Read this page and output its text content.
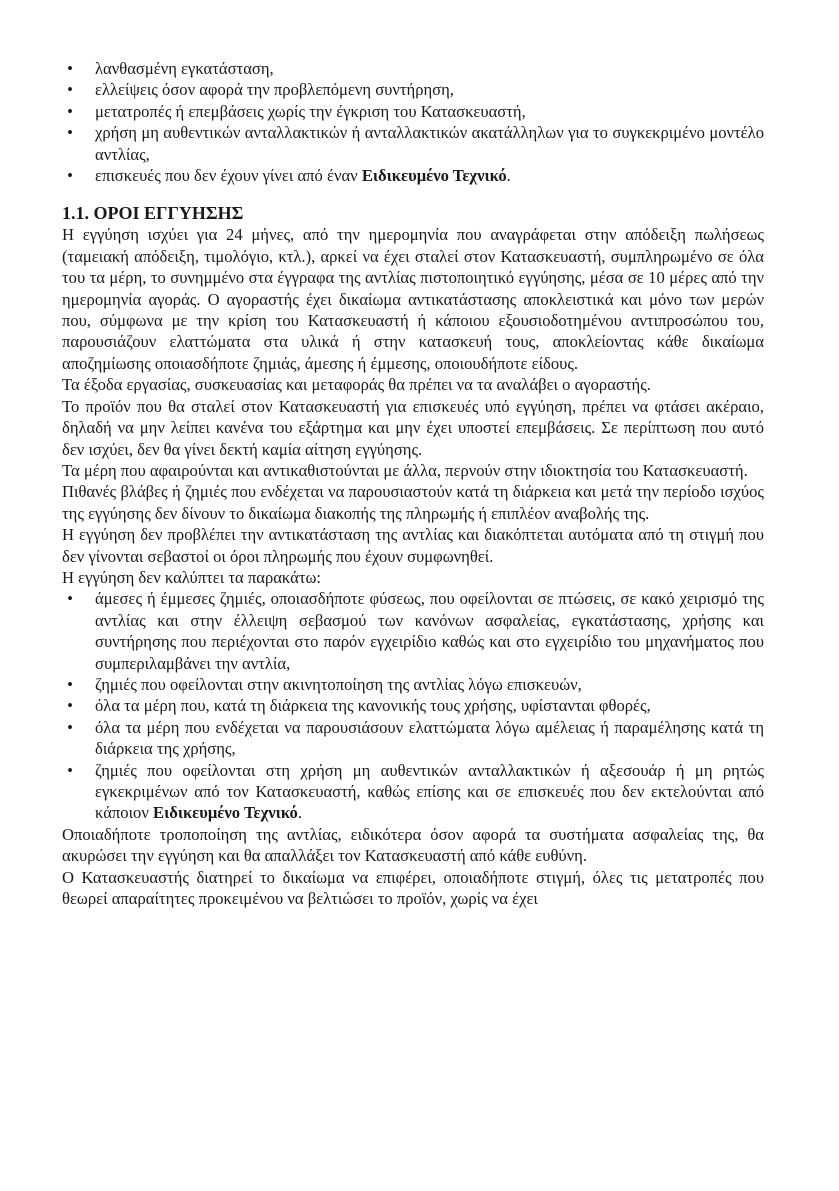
• λανθασμένη εγκατάσταση,
• ελλείψεις όσον αφορά την προβλεπόμενη συντήρηση,
• μετατροπές ή επεμβάσεις χωρίς την έγκριση του Κατασκευαστή,
• χρήση μη αυθεντικών ανταλλακτικών ή ανταλλακτικών ακατάλληλων για το συγκεκριμένο μοντέλο αντλίας,
• επισκευές που δεν έχουν γίνει από έναν Ειδικευμένο Τεχνικό.
1.1. ΟΡΟΙ ΕΓΓΥΗΣΗΣ

Η εγγύηση ισχύει για 24 μήνες, από την ημερομηνία που αναγράφεται στην απόδειξη πωλήσεως (ταμειακή απόδειξη, τιμολόγιο, κτλ.), αρκεί να έχει σταλεί στον Κατασκευαστή, συμπληρωμένο σε όλα του τα μέρη, το συνημμένο στα έγγραφα της αντλίας πιστοποιητικό εγγύησης, μέσα σε 10 μέρες από την ημερομηνία αγοράς. Ο αγοραστής έχει δικαίωμα αντικατάστασης αποκλειστικά και μόνο των μερών που, σύμφωνα με την κρίση του Κατασκευαστή ή κάποιου εξουσιοδοτημένου αντιπροσώπου του, παρουσιάζουν ελαττώματα στα υλικά ή στην κατασκευή τους, αποκλείοντας κάθε δικαίωμα αποζημίωσης οποιασδήποτε ζημιάς, άμεσης ή έμμεσης, οποιουδήποτε είδους.

Τα έξοδα εργασίας, συσκευασίας και μεταφοράς θα πρέπει να τα αναλάβει ο αγοραστής.

Το προϊόν που θα σταλεί στον Κατασκευαστή για επισκευές υπό εγγύηση, πρέπει να φτάσει ακέραιο, δηλαδή να μην λείπει κανένα του εξάρτημα και μην έχει υποστεί επεμβάσεις. Σε περίπτωση που αυτό δεν ισχύει, δεν θα γίνει δεκτή καμία αίτηση εγγύησης.

Τα μέρη που αφαιρούνται και αντικαθιστούνται με άλλα, περνούν στην ιδιοκτησία του Κατασκευαστή.

Πιθανές βλάβες ή ζημιές που ενδέχεται να παρουσιαστούν κατά τη διάρκεια και μετά την περίοδο ισχύος της εγγύησης δεν δίνουν το δικαίωμα διακοπής της πληρωμής ή επιπλέον αναβολής της.

Η εγγύηση δεν προβλέπει την αντικατάσταση της αντλίας και διακόπτεται αυτόματα από τη στιγμή που δεν γίνονται σεβαστοί οι όροι πληρωμής που έχουν συμφωνηθεί.

Η εγγύηση δεν καλύπτει τα παρακάτω:

• άμεσες ή έμμεσες ζημιές, οποιασδήποτε φύσεως, που οφείλονται σε πτώσεις, σε κακό χειρισμό της αντλίας και στην έλλειψη σεβασμού των κανόνων ασφαλείας, εγκατάστασης, χρήσης και συντήρησης που περιέχονται στο παρόν εγχειρίδιο καθώς και στο εγχειρίδιο του μηχανήματος που συμπεριλαμβάνει την αντλία,
• ζημιές που οφείλονται στην ακινητοποίηση της αντλίας λόγω επισκευών,
• όλα τα μέρη που, κατά τη διάρκεια της κανονικής τους χρήσης, υφίστανται φθορές,
• όλα τα μέρη που ενδέχεται να παρουσιάσουν ελαττώματα λόγω αμέλειας ή παραμέλησης κατά τη διάρκεια της χρήσης,
• ζημιές που οφείλονται στη χρήση μη αυθεντικών ανταλλακτικών ή αξεσουάρ ή μη ρητώς εγκεκριμένων από τον Κατασκευαστή, καθώς επίσης και σε επισκευές που δεν εκτελούνται από κάποιον Ειδικευμένο Τεχνικό.

Οποιαδήποτε τροποποίηση της αντλίας, ειδικότερα όσον αφορά τα συστήματα ασφαλείας της, θα ακυρώσει την εγγύηση και θα απαλλάξει τον Κατασκευαστή από κάθε ευθύνη.

Ο Κατασκευαστής διατηρεί το δικαίωμα να επιφέρει, οποιαδήποτε στιγμή, όλες τις μετατροπές που θεωρεί απαραίτητες προκειμένου να βελτιώσει το προϊόν, χωρίς να έχει
